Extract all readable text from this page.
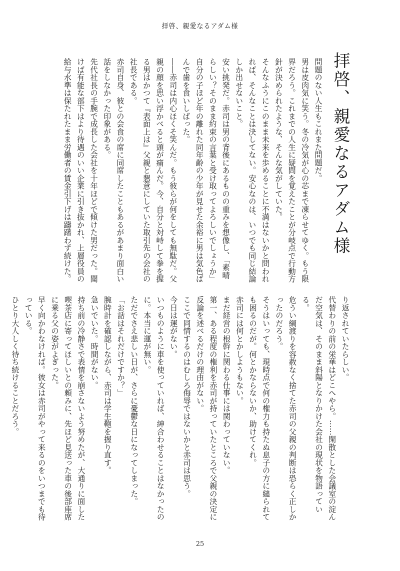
拝啓、親愛なるアダム様
拝啓、親愛なるアダム様

問題のない人生もこれまた問題だ。

男は皮肉気に笑う。冬の冷気が心の芯まで凍らせてゆく。もう限界だろう。これまでの人生に疑問を覚えたことが分岐点で行動方針が決められたような、そんな気がしていた。

そんなふうにこのまま未来を歩めることに不満はないかと問われれば、そんなことは決してない。安心なのは、いつでも同じ結論しか出せないこと。

安い挑発だ。赤司は男の背後にあるものの重みを想像し、「素晴らしい？そのまま約束の言葉と受け取ってよろしいでしょうか」

自分の子ほど年の離れた同年齢の少年が見せた余裕に男は気色ばんで歯を食いしばった。

――赤司は内心ほくそ笑んだ。もう彼らが何をしても無駄だ。父親の顔を思い浮かべると頭が痛んだ。今、自分と対峙して拳を握る男はかつて『表面上は』父親と懇意にしていた取引先の会社の社長である。

赤司自身、彼との会食の席に同席したこともあるがあまり面白い話をしなかった印象がある。

先代社長の手腕で成長した会社を十年ほどで傾けた男だった。聞けば有能な部下はより待遇のいい企業に引き抜かれ、上層役員の給与水準は保たれたまま労働者の賃金引下げは躊躇わず続けた。

り返されていたらしい。

代替わりの前の栄華はどこへやら。……閑散とした会議室の淀んだ空気は、そのまま斜陽となりかけた会社の現状を物語っている。

危うい綱渡りを容赦なく捨てた赤司の父親の判断は恐らく正しかったのだろう。

そうはいっても、現時点で何の権力も持たぬ息子の方に縋られても困るのだが。何とかならないか、助けてくれ。

赤司には何とかしようもない。

まだ経営の根幹に関わる仕事には関わっていない。

第一、ある程度の権利を赤司が持っていたところで父親の決定に反論を述べるだけの理由がない。

ここで同情するのはむしろ侮辱ではないかと赤司は思う。

今日は運がない。

いつものように車を使っていれば、紳合わせることはなかったのに。本当に運が無い。

ただでさえ悲しい日が、さらに憂鬱な日になってしまった。

「お話はそれだけですか？」

腕時計を確認しながら、赤司は学生鞄を握り直す。

急いでいた。時間がない。

持ち前の冷静さで表情を崩さないよう努めたが、大通りに面した喫茶店に寄ってほしいとの頼みに、先ほど見送った車の後部座席に乗る父の姿がよぎった。

早く向かわなければ。彼女は赤司がやって来るのをいつまでも待っている。

ひとり大人しく待ち続けることだろう。

25
